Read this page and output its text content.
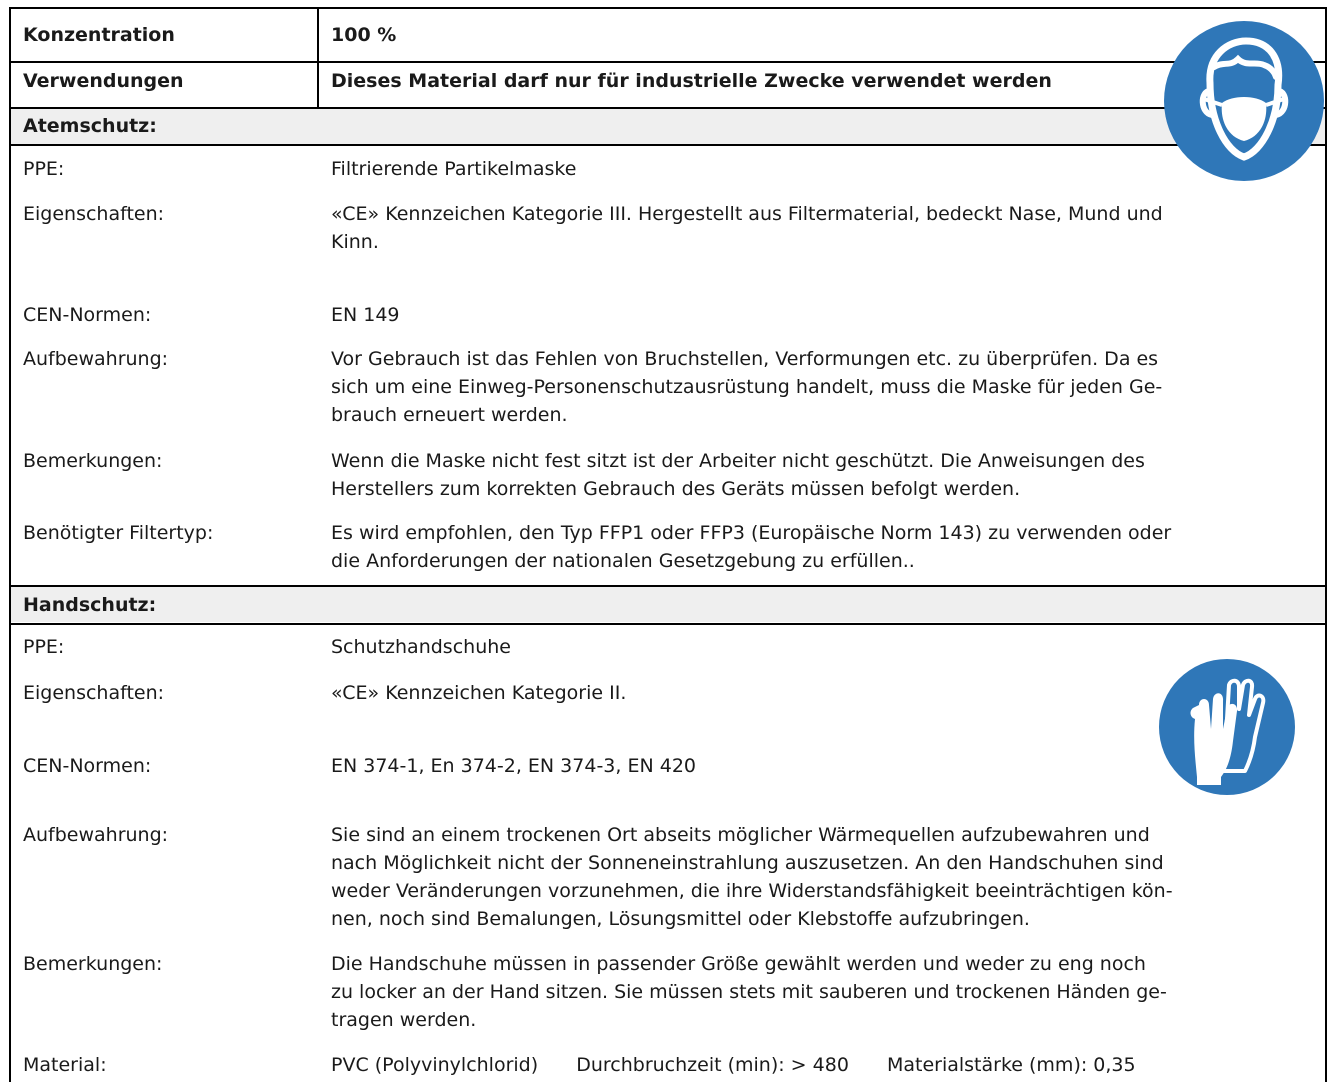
Konzentration	100 %
Verwendungen	Dieses Material darf nur für industrielle Zwecke verwendet werden
Atemschutz:
PPE:	Filtrierende Partikelmaske
Eigenschaften:	«CE» Kennzeichen Kategorie III. Hergestellt aus Filtermaterial, bedeckt Nase, Mund und
Kinn.
CEN-Normen:	EN 149
Aufbewahrung:	Vor Gebrauch ist das Fehlen von Bruchstellen, Verformungen etc. zu überprüfen. Da es
sich um eine Einweg-Personenschutzausrüstung handelt, muss die Maske für jeden Ge-
brauch erneuert werden.
Bemerkungen:	Wenn die Maske nicht fest sitzt ist der Arbeiter nicht geschützt. Die Anweisungen des
Herstellers zum korrekten Gebrauch des Geräts müssen befolgt werden.
Benötigter Filtertyp:	Es wird empfohlen, den Typ FFP1 oder FFP3 (Europäische Norm 143) zu verwenden oder
die Anforderungen der nationalen Gesetzgebung zu erfüllen..
Handschutz:
PPE:	Schutzhandschuhe
Eigenschaften:	«CE» Kennzeichen Kategorie II.
CEN-Normen:	EN 374-1, En 374-2, EN 374-3, EN 420
Aufbewahrung:	Sie sind an einem trockenen Ort abseits möglicher Wärmequellen aufzubewahren und
nach Möglichkeit nicht der Sonneneinstrahlung auszusetzen. An den Handschuhen sind
weder Veränderungen vorzunehmen, die ihre Widerstandsfähigkeit beeinträchtigen kön-
nen, noch sind Bemalungen, Lösungsmittel oder Klebstoffe aufzubringen.
Bemerkungen:	Die Handschuhe müssen in passender Größe gewählt werden und weder zu eng noch
zu locker an der Hand sitzen. Sie müssen stets mit sauberen und trockenen Händen ge-
tragen werden.
Material:	PVC (Polyvinylchlorid) Durchbruchzeit (min): > 480 Materialstärke (mm): 0,35
